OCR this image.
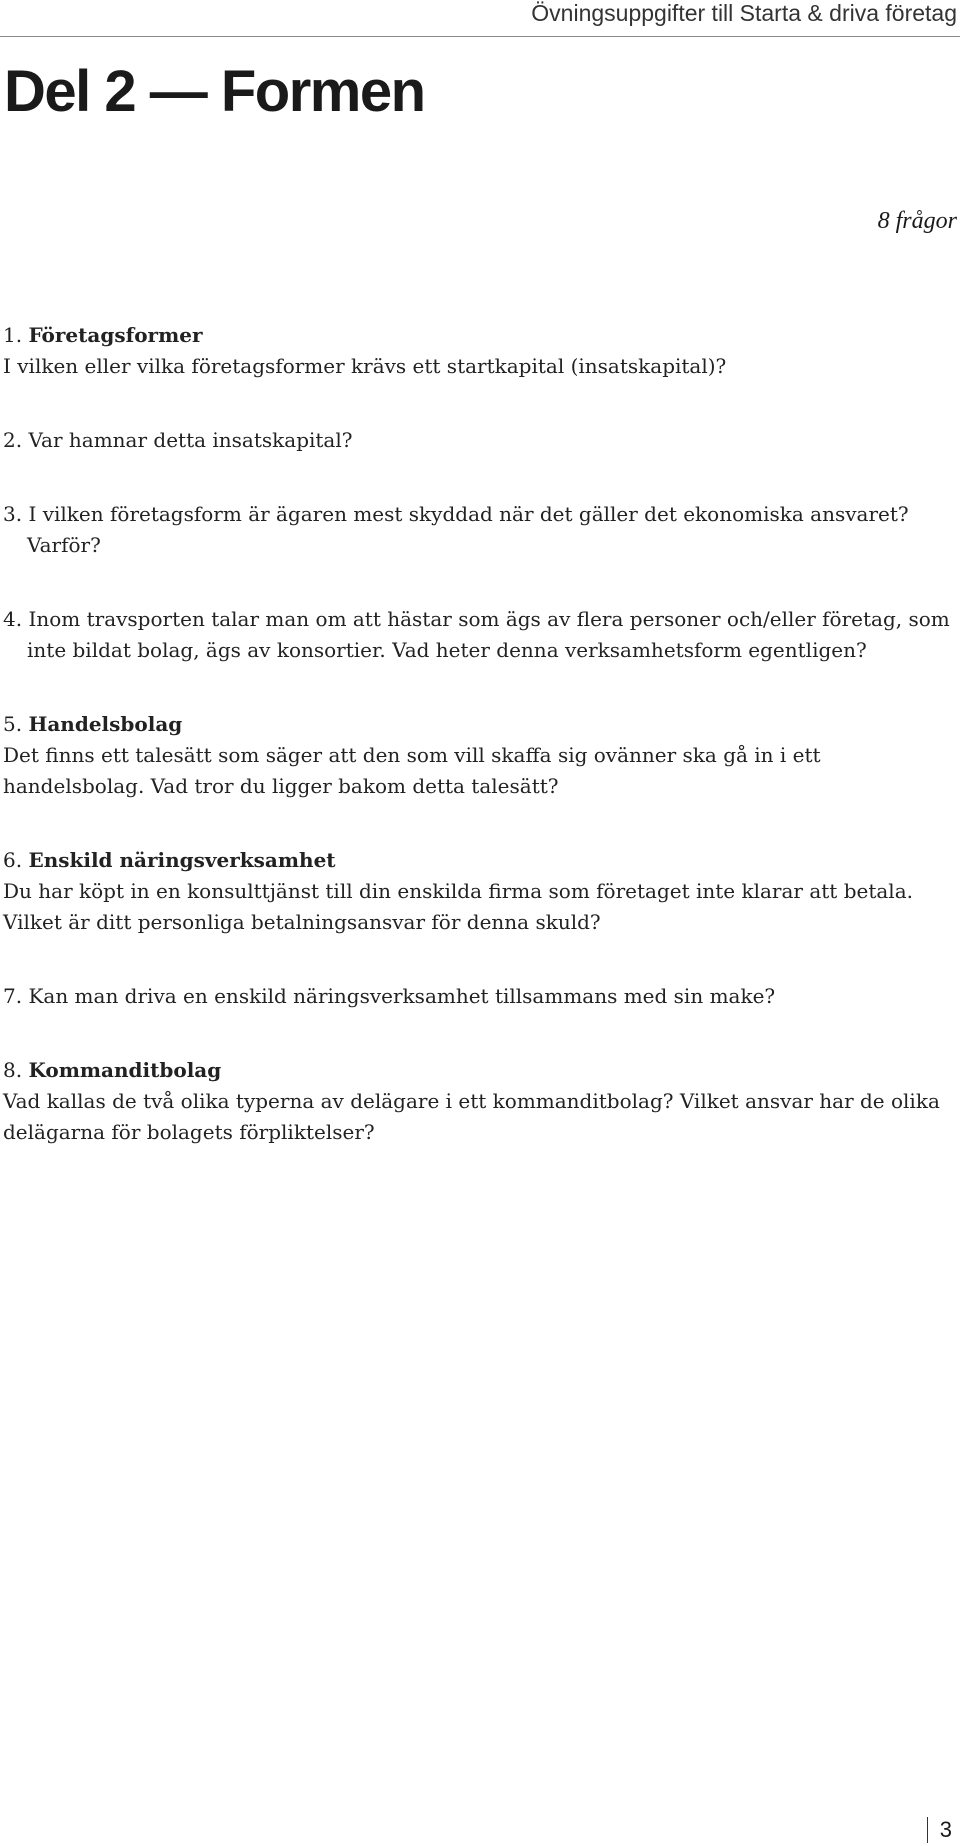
Övningsuppgifter till Starta & driva företag
Del 2 — Formen
8 frågor
1. Företagsformer
I vilken eller vilka företagsformer krävs ett startkapital (insatskapital)?
2. Var hamnar detta insatskapital?
3. I vilken företagsform är ägaren mest skyddad när det gäller det ekonomiska ansvaret? Varför?
4. Inom travsporten talar man om att hästar som ägs av flera personer och/eller företag, som inte bildat bolag, ägs av konsortier. Vad heter denna verksamhetsform egentligen?
5. Handelsbolag
Det finns ett talesätt som säger att den som vill skaffa sig ovänner ska gå in i ett handelsbolag. Vad tror du ligger bakom detta talesätt?
6. Enskild näringsverksamhet
Du har köpt in en konsulttjänst till din enskilda firma som företaget inte klarar att betala. Vilket är ditt personliga betalningsansvar för denna skuld?
7. Kan man driva en enskild näringsverksamhet tillsammans med sin make?
8. Kommanditbolag
Vad kallas de två olika typerna av delägare i ett kommanditbolag? Vilket ansvar har de olika delägarna för bolagets förpliktelser?
3
